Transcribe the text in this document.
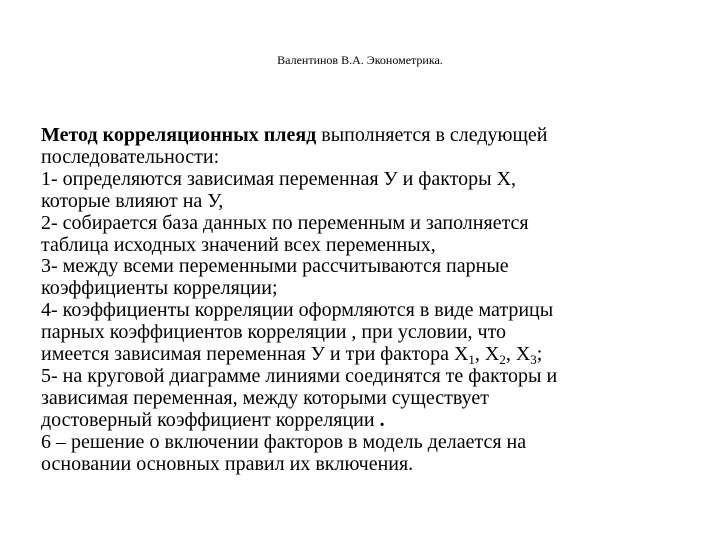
Валентинов В.А. Эконометрика.
Метод корреляционных плеяд выполняется в следующей
последовательности:
1- определяются зависимая переменная У и факторы Х,
которые влияют на У,
2- собирается база данных по переменным и заполняется
таблица исходных значений всех переменных,
3- между всеми переменными рассчитываются парные
коэффициенты корреляции;
4- коэффициенты корреляции оформляются в виде матрицы
парных коэффициентов корреляции , при условии, что
имеется зависимая переменная У и три фактора $Х_1$, $Х_2$, $Х_3$;
5- на круговой диаграмме линиями соединятся те факторы и
зависимая переменная, между которыми существует
достоверный коэффициент корреляции .
6 – решение о включении факторов в модель делается на
основании основных правил их включения.
